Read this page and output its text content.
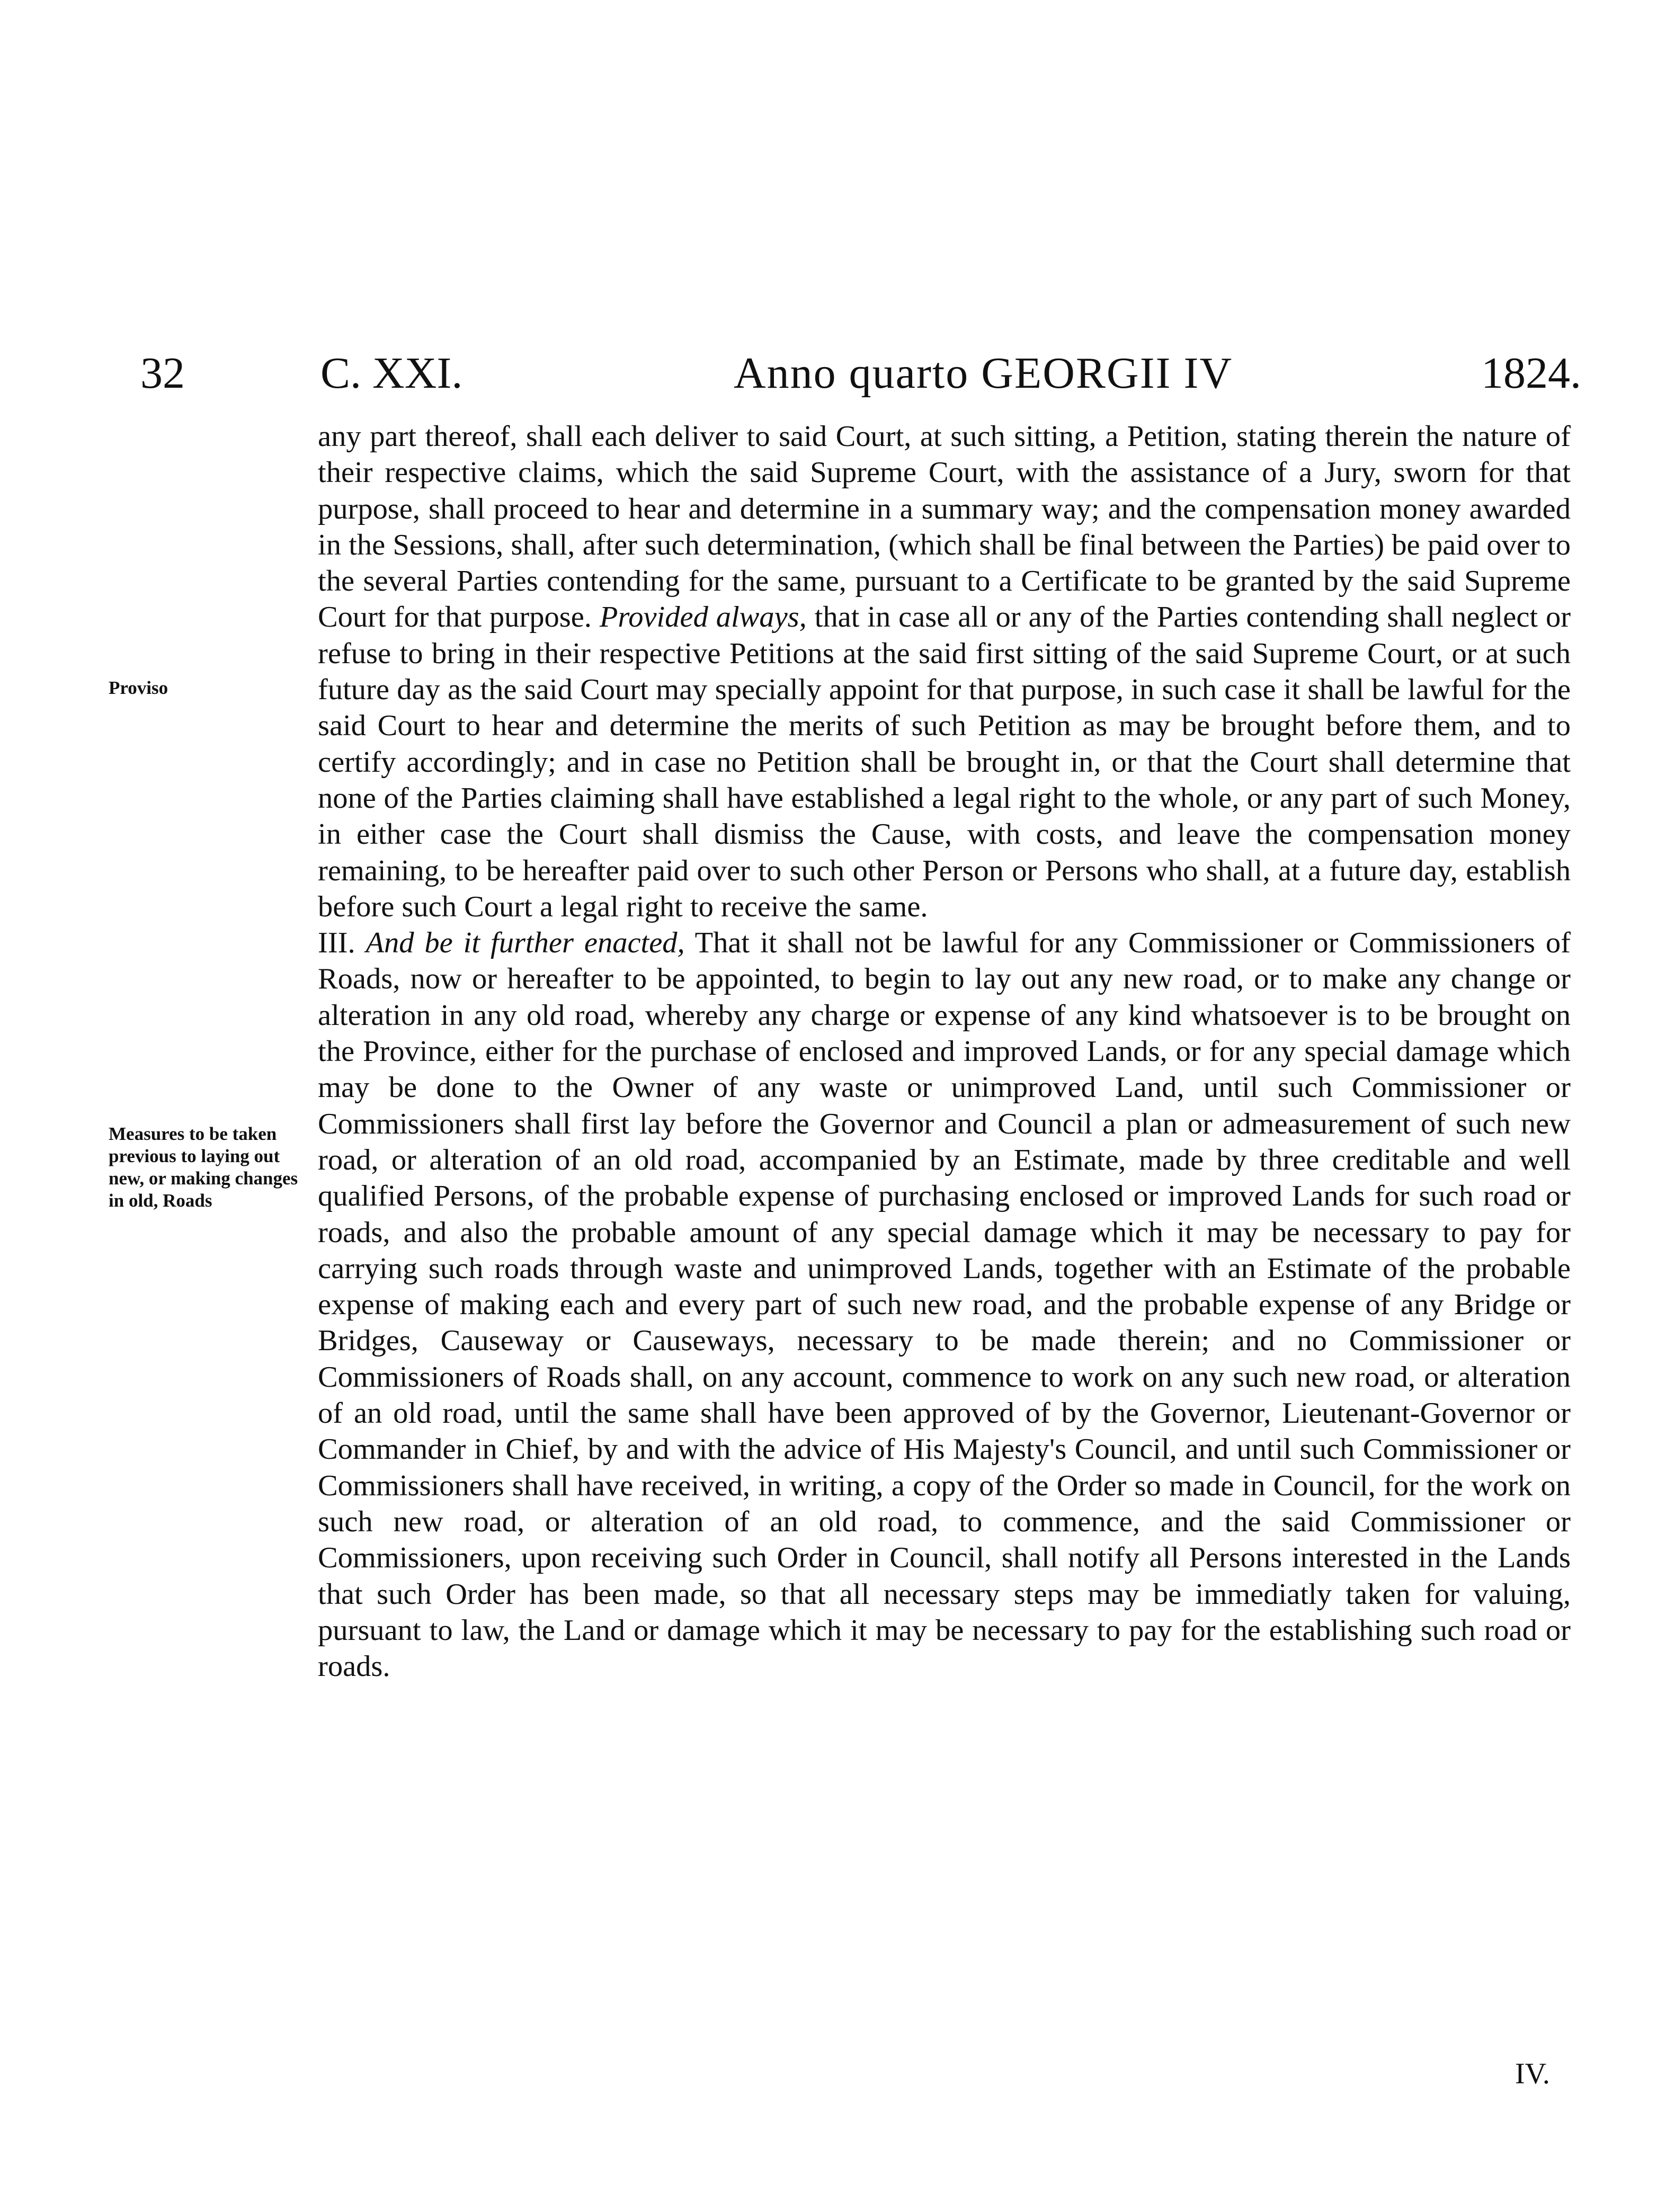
32	C. XXI.	Anno quarto GEORGII IV	1824.
Proviso
Measures to be taken previous to laying out new, or making changes in old, Roads

any part thereof, shall each deliver to said Court, at such sitting, a Petition, stating therein the nature of their respective claims, which the said Supreme Court, with the assistance of a Jury, sworn for that purpose, shall proceed to hear and determine in a summary way; and the compensation money awarded in the Sessions, shall, after such determination, (which shall be final between the Parties) be paid over to the several Parties contending for the same, pursuant to a Certificate to be granted by the said Supreme Court for that purpose. Provided always, that in case all or any of the Parties contending shall neglect or refuse to bring in their respective Petitions at the said first sitting of the said Supreme Court, or at such future day as the said Court may specially appoint for that purpose, in such case it shall be lawful for the said Court to hear and determine the merits of such Petition as may be brought before them, and to certify accordingly; and in case no Petition shall be brought in, or that the Court shall determine that none of the Parties claiming shall have established a legal right to the whole, or any part of such Money, in either case the Court shall dismiss the Cause, with costs, and leave the compensation money remaining, to be hereafter paid over to such other Person or Persons who shall, at a future day, establish before such Court a legal right to receive the same.

III. And be it further enacted, That it shall not be lawful for any Commissioner or Commissioners of Roads, now or hereafter to be appointed, to begin to lay out any new road, or to make any change or alteration in any old road, whereby any charge or expense of any kind whatsoever is to be brought on the Province, either for the purchase of enclosed and improved Lands, or for any special damage which may be done to the Owner of any waste or unimproved Land, until such Commissioner or Commissioners shall first lay before the Governor and Council a plan or admeasurement of such new road, or alteration of an old road, accompanied by an Estimate, made by three creditable and well qualified Persons, of the probable expense of purchasing enclosed or improved Lands for such road or roads, and also the probable amount of any special damage which it may be necessary to pay for carrying such roads through waste and unimproved Lands, together with an Estimate of the probable expense of making each and every part of such new road, and the probable expense of any Bridge or Bridges, Causeway or Causeways, necessary to be made therein; and no Commissioner or Commissioners of Roads shall, on any account, commence to work on any such new road, or alteration of an old road, until the same shall have been approved of by the Governor, Lieutenant-Governor or Commander in Chief, by and with the advice of His Majesty's Council, and until such Commissioner or Commissioners shall have received, in writing, a copy of the Order so made in Council, for the work on such new road, or alteration of an old road, to commence, and the said Commissioner or Commissioners, upon receiving such Order in Council, shall notify all Persons interested in the Lands that such Order has been made, so that all necessary steps may be immediatly taken for valuing, pursuant to law, the Land or damage which it may be necessary to pay for the establishing such road or roads.

IV.
